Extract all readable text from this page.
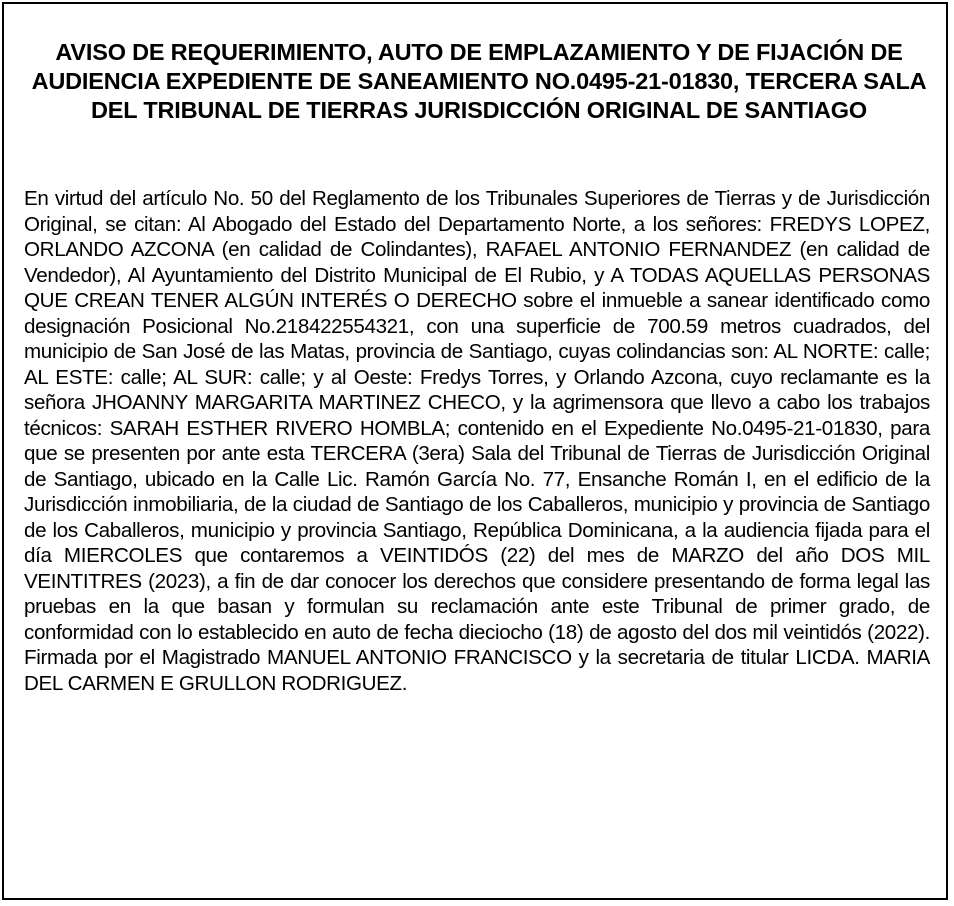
AVISO DE REQUERIMIENTO, AUTO DE EMPLAZAMIENTO Y DE FIJACIÓN DE AUDIENCIA EXPEDIENTE DE SANEAMIENTO NO.0495-21-01830, TERCERA SALA DEL TRIBUNAL DE TIERRAS JURISDICCIÓN ORIGINAL DE SANTIAGO

En virtud del artículo No. 50 del Reglamento de los Tribunales Superiores de Tierras y de Jurisdicción Original, se citan: Al Abogado del Estado del Departamento Norte, a los señores: FREDYS LOPEZ, ORLANDO AZCONA (en calidad de Colindantes), RAFAEL ANTONIO FERNANDEZ (en calidad de Vendedor), Al Ayuntamiento del Distrito Municipal de El Rubio, y A TODAS AQUELLAS PERSONAS QUE CREAN TENER ALGÚN INTERÉS O DERECHO sobre el inmueble a sanear identificado como designación Posicional No.218422554321, con una superficie de 700.59 metros cuadrados, del municipio de San José de las Matas, provincia de Santiago, cuyas colindancias son: AL NORTE: calle; AL ESTE: calle; AL SUR: calle; y al Oeste: Fredys Torres, y Orlando Azcona, cuyo reclamante es la señora JHOANNY MARGARITA MARTINEZ CHECO, y la agrimensora que llevo a cabo los trabajos técnicos: SARAH ESTHER RIVERO HOMBLA; contenido en el Expediente No.0495-21-01830, para que se presenten por ante esta TERCERA (3era) Sala del Tribunal de Tierras de Jurisdicción Original de Santiago, ubicado en la Calle Lic. Ramón García No. 77, Ensanche Román I, en el edificio de la Jurisdicción inmobiliaria, de la ciudad de Santiago de los Caballeros, municipio y provincia de Santiago de los Caballeros, municipio y provincia Santiago, República Dominicana, a la audiencia fijada para el día MIERCOLES que contaremos a VEINTIDÓS (22) del mes de MARZO del año DOS MIL VEINTITRES (2023), a fin de dar conocer los derechos que considere presentando de forma legal las pruebas en la que basan y formulan su reclamación ante este Tribunal de primer grado, de conformidad con lo establecido en auto de fecha dieciocho (18) de agosto del dos mil veintidós (2022). Firmada por el Magistrado MANUEL ANTONIO FRANCISCO y la secretaria de titular LICDA. MARIA DEL CARMEN E GRULLON RODRIGUEZ.
